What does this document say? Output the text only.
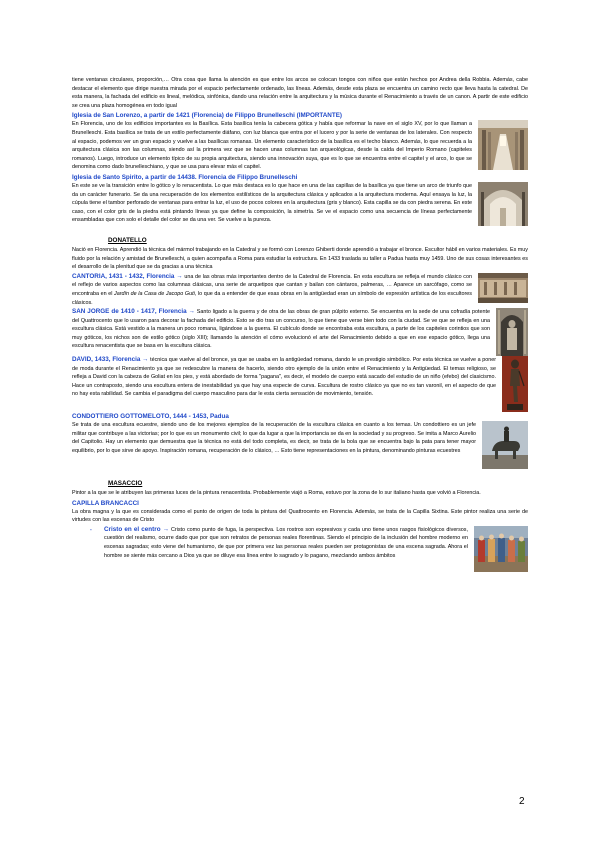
tiene ventanas circulares, proporción,… Otra cosa que llama la atención es que entre los arcos se colocan tongos con niños que están hechos por Andrea della Robbia. Además, cabe destacar el elemento que dirige nuestra mirada por el espacio perfectamente ordenado, las líneas. Además, desde esta plaza se encuentra un camino recto que lleva hasta la catedral. De esta manera, la fachada del edificio es lineal, melódica, sinfónica, dando una relación entre la arquitectura y la música durante el Renacimiento a través de un canon. A partir de este edificio se crea una plaza homogénea en todo igual

Iglesia de San Lorenzo, a partir de 1421 (Florencia) de Filippo Brunelleschi (IMPORTANTE)

En Florencia, uno de los edificios importantes es la Basílica. Esta basílica tenía la cabecera gótica y había que reformar la nave en el siglo XV, por lo que llaman a Brunelleschi. Esta basílica se trata de un estilo perfectamente diáfano, con luz blanca que entra por el lucero y por la serie de ventanas de los laterales. Con respecto al espacio, podemos ver un gran espacio y vuelve a las basílicas romanas. Un elemento característico de la basílica es el techo blanco. Además, lo que recuerda a la arquitectura clásica son las columnas, siendo así la primera vez que se hacen unas columnas tan arqueológicas, desde la caída del Imperio Romano (capiteles romanos). Luego, introduce un elemento típico de su propia arquitectura, siendo una innovación suya, que es lo que se encuentra entre el capitel y el arco, lo que se denomina como dado brunelleschiano, y que se usa para elevar más el capitel.

Iglesia de Santo Spirito, a partir de 14438. Florencia de Filippo Brunelleschi

En este se ve la transición entre lo gótico y lo renacentista. Lo que más destaca es lo que hace en una de las capillas de la basílica ya que tiene un arco de triunfo que da un carácter funerario. Se da una recuperación de los elementos estilísticos de la arquitectura clásica y aplicados a la arquitectura moderna. Aquí ensaya la luz, la cúpula tiene el tambor perforado de ventanas para entrar la luz, el uso de pocos colores en la arquitectura (gris y blanco). Esta capilla se da con piedra serena. En este caso, con el color gris de la piedra está pintando líneas ya que define la composición, la simetría. Se ve el espacio como una secuencia de líneas perfectamente ensambladas que con solo el detalle del color se da una ver. Se vuelve a la pureza.

DONATELLO

Nació en Florencia. Aprendió la técnica del mármol trabajando en la Catedral y se formó con Lorenzo Ghiberti donde aprendió a trabajar el bronce. Escultor hábil en varios materiales. Es muy fluido por la relación y amistad de Brunelleschi, a quien acompaña a Roma para estudiar la estructura. En 1433 traslada su taller a Padua hasta muy 1459. Uno de sus cosas interesantes es el desarrollo de la plenitud que se da gracias a una técnica

CANTORIA, 1431 - 1432, Florencia → una de las obras más importantes dentro de la Catedral de Florencia. En esta escultura se refleja el mundo clásico con el reflejo de varios aspectos como las columnas clásicas, una serie de arquetipos que cantan y bailan con cántaros, palmeras, … Aparece un sarcófago, como se encontraba en el Jardín de la Casa de Jacopo Guti, lo que da a entender de que esas obras en la antigüedad eran un símbolo de expresión artística de los escultores clásicos.

SAN JORGE de 1410 - 1417, Florencia → Santo ligado a la guerra y de otra de las obras de gran púlpito externo. Se encuentra en la sede de una cofradía potente del Quattrocento que lo usaron para decorar la fachada del edificio. Esto se dio tras un concurso, lo que tiene que verse bien todo con la ciudad. Se ve que se refleja en una escultura clásica. Está vestido a la manera un poco romana, ligándose a la guerra. El cubículo donde se encontraba esta escultura, a parte de los capiteles corintios que son muy góticos, los nichos son de estilo gótico (siglo XIII); llamando la atención el cómo evolucionó el arte del Renacimiento debido a que en ese espacio gótico, llega una escultura renacentista que se basa en la escultura clásica.

DAVID, 1433, Florencia → técnica que vuelve al del bronce, ya que se usaba en la antigüedad romana, dando le un prestigio simbólico. Por esta técnica se vuelve a poner de moda durante el Renacimiento ya que se redescubre la manera de hacerlo, siendo otro ejemplo de la unión entre el Renacimiento y la Antigüedad. El temas religioso, se refleja a David con la cabeza de Goliat en los pies, y está abordado de forma "pagana", es decir, el modelo de cuerpo está sacado del estudio de un niño (efebo) del clasicismo. Hace un contraposto, siendo una escultura entera de inestabilidad ya que hay una especie de curva. Escultura de rostro clásico ya que no es tan varonil, en el aspecto de que no hay esta rabilidad. Se cambia el paradigma del cuerpo masculino para dar le esta cierta sensación de movimiento, tensión.

CONDOTTIERO GOTTOMELOTO, 1444 - 1453, Padua

Se trata de una escultura ecuestre, siendo uno de los mejores ejemplos de la recuperación de la escultura clásica en cuanto a los temas. Un condottiero es un jefe militar que contribuye a las victorias; por lo que es un monumento civil; lo que da lugar a que la importancia se da en la sociedad y su progreso. Se imita a Marco Aurelio del Capitolio. Hay un elemento que demuestra que la técnica no está del todo completa, es decir, se trata de la bola que se encuentra bajo la pata para tener mayor equilibrio, por lo que sirve de apoyo. Inspiración romana, recuperación de lo clásico, … Esto tiene representaciones en la pintura, denominando pinturas ecuestres

MASACCIO

Pintor a la que se le atribuyen las primeras luces de la pintura renacentista. Probablemente viajó a Roma, estuvo por la zona de lo sur italiano hasta que volvió a Florencia.

CAPILLA BRANCACCI

La obra magna y la que es considerada como el punto de origen de toda la pintura del Quattrocento en Florencia. Además, se trata de la Capilla Sixtina. Este pintor realiza una serie de virtudes con las escenas de Cristo

-	Cristo en el centro → Cristo como punto de fuga, la perspectiva. Los rostros son expresivos y cada uno tiene unos rasgos fisiológicos diversos, cuestión del realismo, ocurre dado que por que son retratos de personas reales florentinas. Siendo el principio de la inclusión del hombre moderno en escenas sagradas; esto viene del humanismo, de que por primera vez las personas reales pueden ser protagonistas de una escena sagrada. Ahora el hombre se siente más cercano a Dios ya que se diluye esa línea entre lo sagrado y lo pagano, mezclando ambos ámbitos

2
